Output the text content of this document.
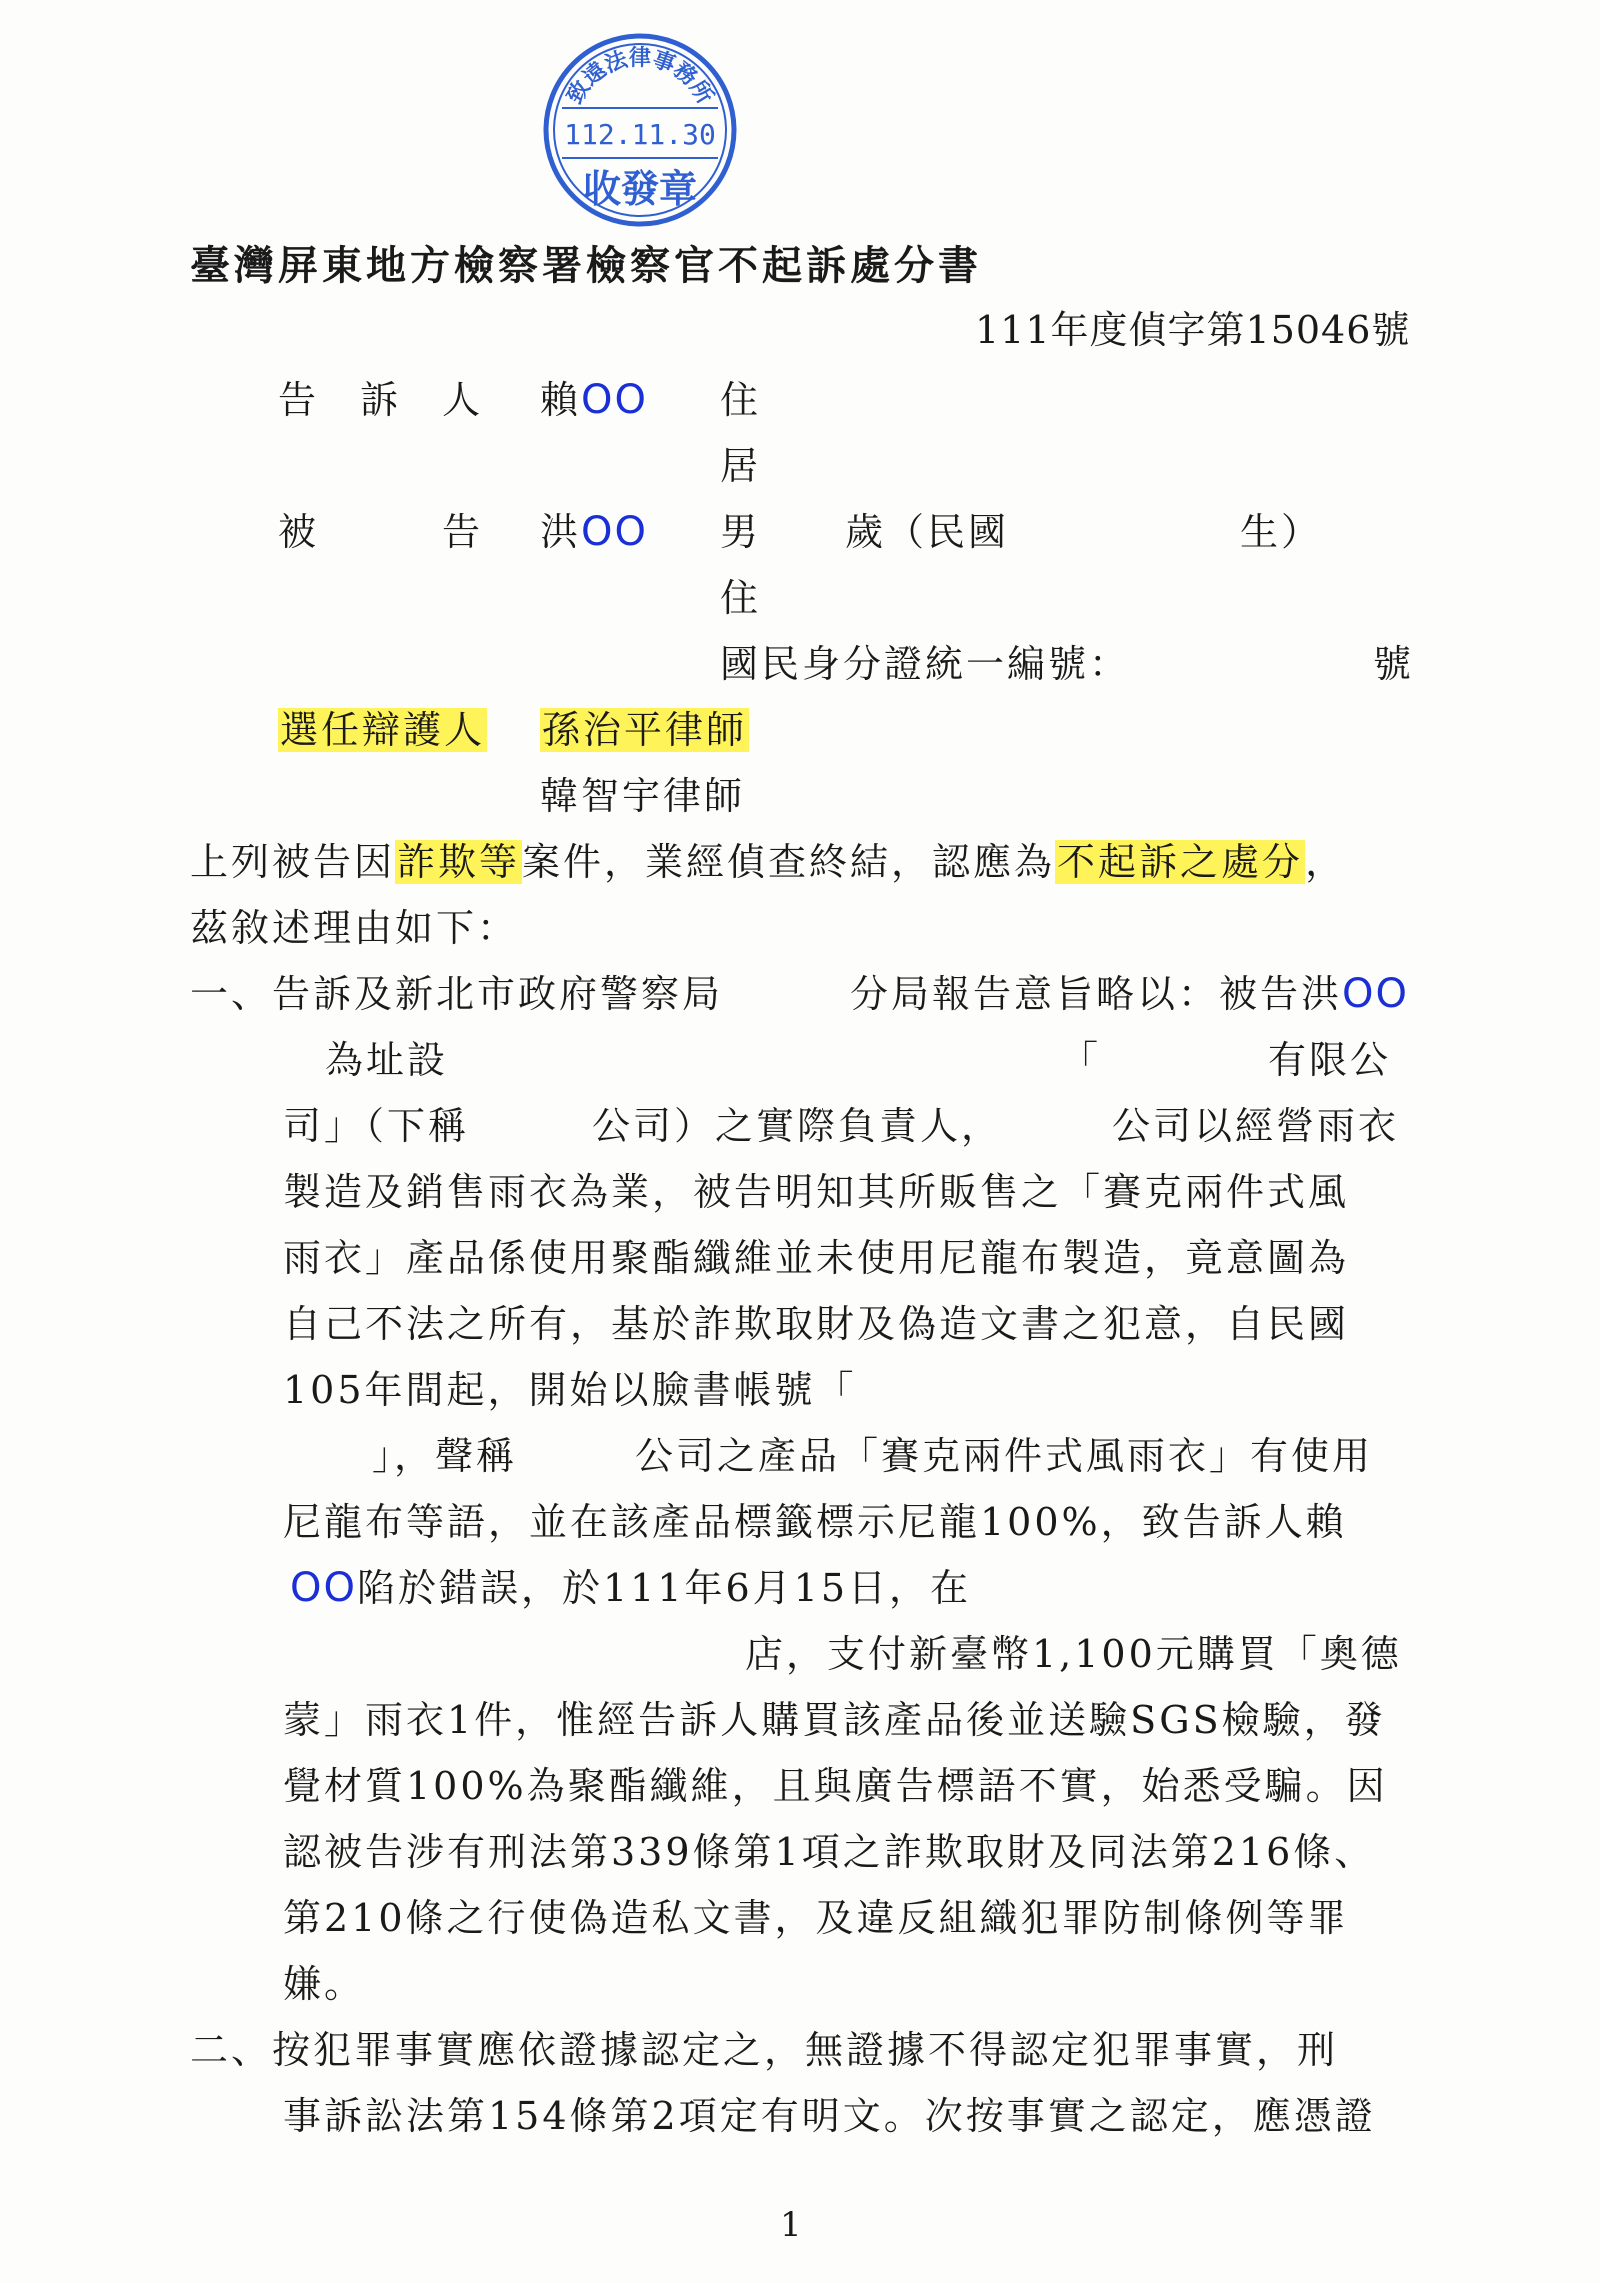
致遠法律事務所
112.11.30
收發章
臺灣屏東地方檢察署檢察官不起訴處分書
111年度偵字第15046號
告　訴　人 賴OO 住
居
被　　　告 洪OO 男 歲（民國	生）
住
國民身分證統一編號：	號
選任辯護人 孫治平律師
韓智宇律師
上列被告因詐欺等案件，業經偵查終結，認應為不起訴之處分，
茲敘述理由如下：
一、告訴及新北市政府警察局	分局報告意旨略以：被告洪OO
為址設	「	有限公
司」（下稱	公司）之實際負責人，	公司以經營雨衣
製造及銷售雨衣為業，被告明知其所販售之「賽克兩件式風
雨衣」產品係使用聚酯纖維並未使用尼龍布製造，竟意圖為
自己不法之所有，基於詐欺取財及偽造文書之犯意，自民國
105年間起，開始以臉書帳號「
」，聲稱	公司之產品「賽克兩件式風雨衣」有使用
尼龍布等語，並在該產品標籤標示尼龍100%，致告訴人賴
OO陷於錯誤，於111年6月15日，在
店，支付新臺幣1,100元購買「奧德
蒙」雨衣1件，惟經告訴人購買該產品後並送驗SGS檢驗，發
覺材質100%為聚酯纖維，且與廣告標語不實，始悉受騙。因
認被告涉有刑法第339條第1項之詐欺取財及同法第216條、
第210條之行使偽造私文書，及違反組織犯罪防制條例等罪
嫌。
二、按犯罪事實應依證據認定之，無證據不得認定犯罪事實，刑
事訴訟法第154條第2項定有明文。次按事實之認定，應憑證
1
